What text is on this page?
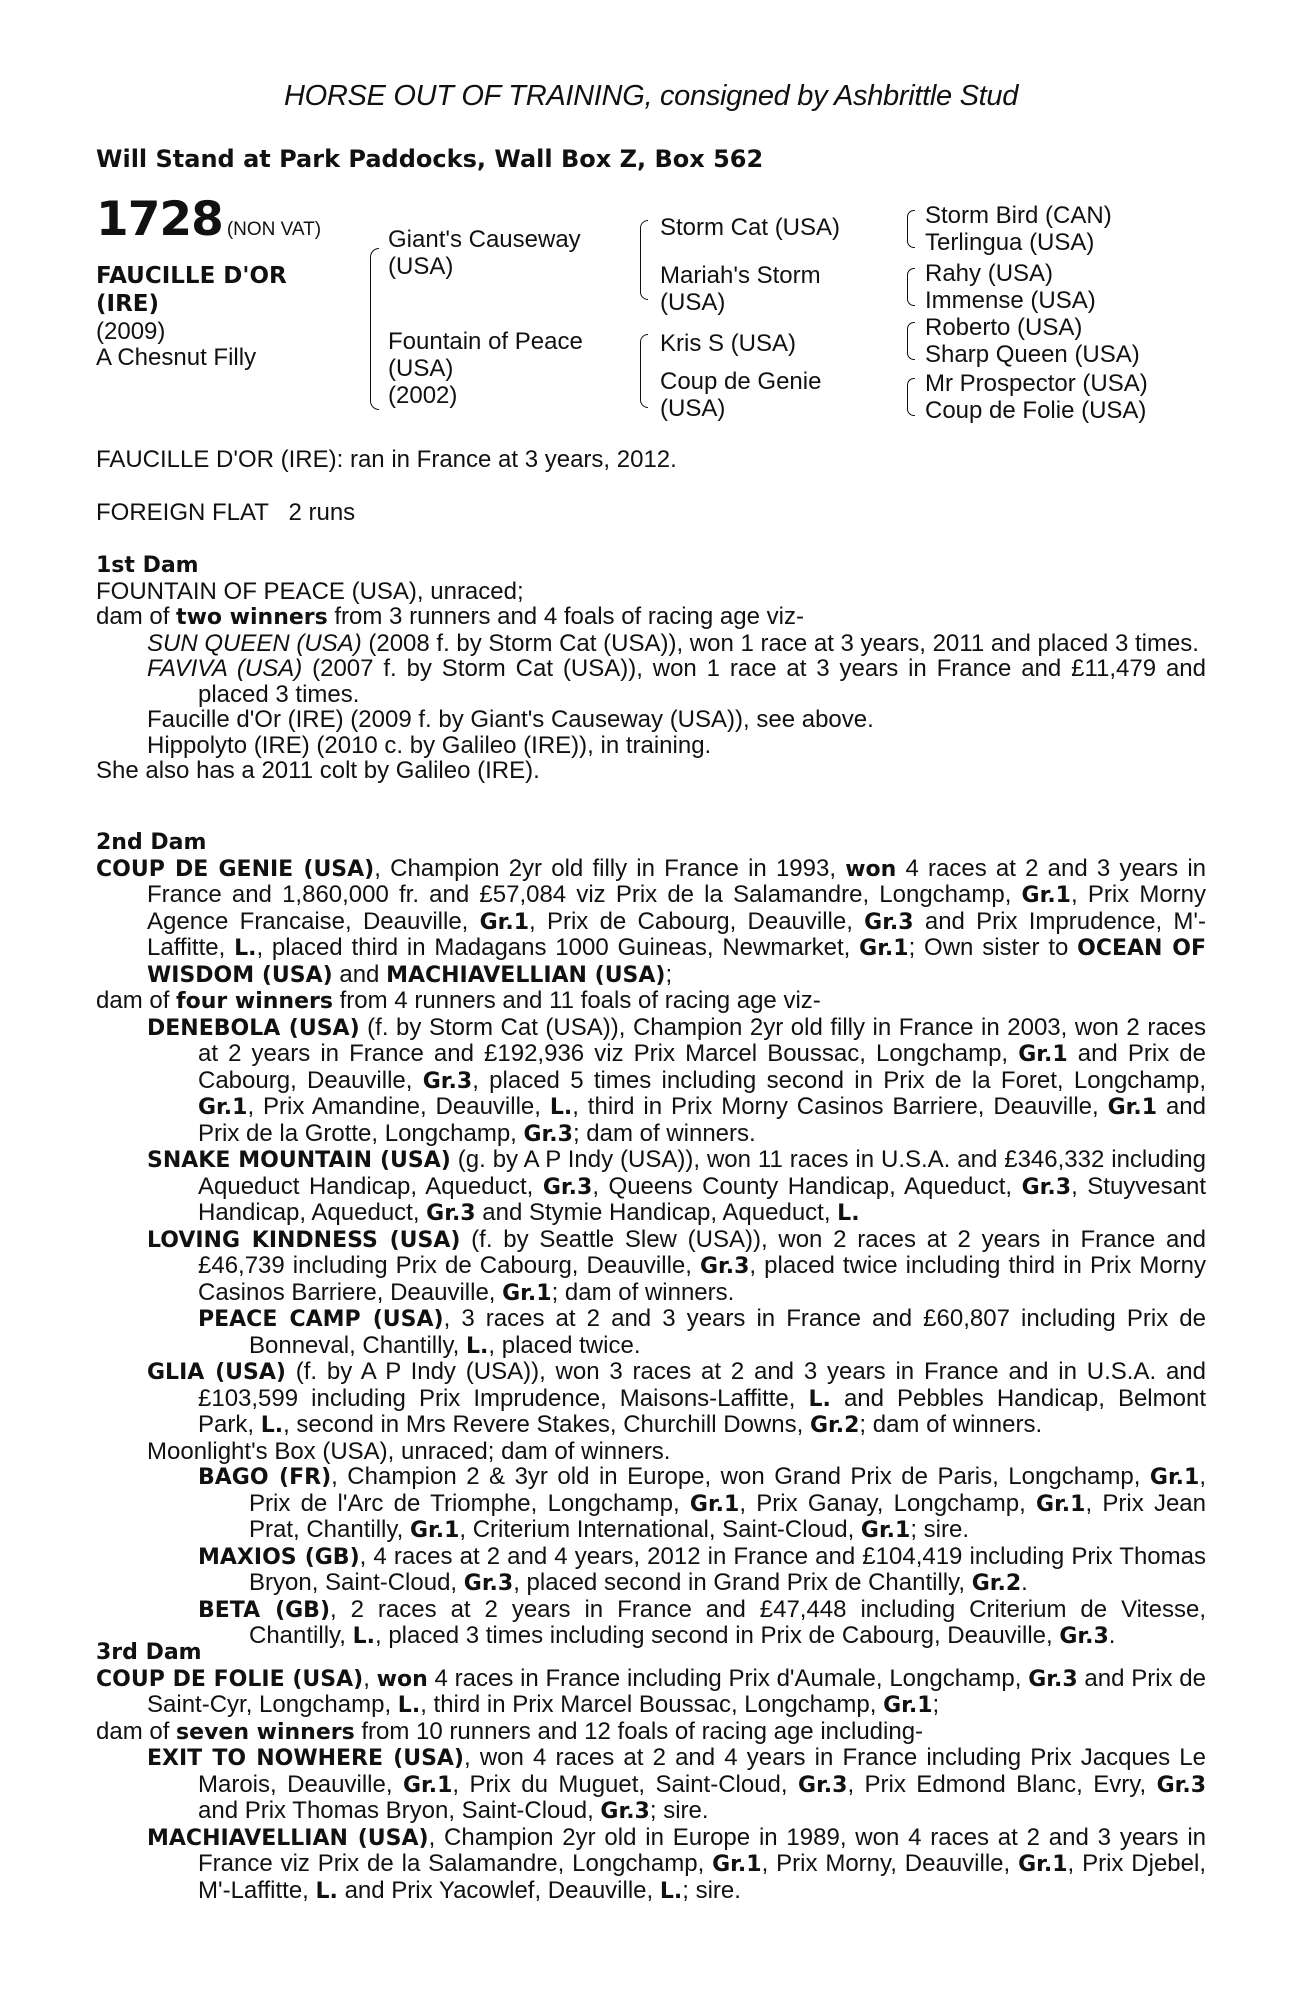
HORSE OUT OF TRAINING, consigned by Ashbrittle Stud
Will Stand at Park Paddocks, Wall Box Z, Box 562
1728 (NON VAT)
FAUCILLE D'OR
(IRE)
(2009)
A Chesnut Filly
Giant's Causeway
(USA)
Fountain of Peace
(USA)
(2002)
Storm Cat (USA)
Mariah's Storm
(USA)
Kris S (USA)
Coup de Genie
(USA)
Storm Bird (CAN)
Terlingua (USA)
Rahy (USA)
Immense (USA)
Roberto (USA)
Sharp Queen (USA)
Mr Prospector (USA)
Coup de Folie (USA)
FAUCILLE D'OR (IRE): ran in France at 3 years, 2012.
FOREIGN FLAT   2 runs
1st Dam

FOUNTAIN OF PEACE (USA), unraced;

dam of two winners from 3 runners and 4 foals of racing age viz-

SUN QUEEN (USA) (2008 f. by Storm Cat (USA)), won 1 race at 3 years, 2011 and placed 3 times.

FAVIVA (USA) (2007 f. by Storm Cat (USA)), won 1 race at 3 years in France and £11,479 and placed 3 times.

Faucille d'Or (IRE) (2009 f. by Giant's Causeway (USA)), see above.

Hippolyto (IRE) (2010 c. by Galileo (IRE)), in training.

She also has a 2011 colt by Galileo (IRE).

2nd Dam

COUP DE GENIE (USA), Champion 2yr old filly in France in 1993, won 4 races at 2 and 3 years in France and 1,860,000 fr. and £57,084 viz Prix de la Salamandre, Longchamp, Gr.1, Prix Morny Agence Francaise, Deauville, Gr.1, Prix de Cabourg, Deauville, Gr.3 and Prix Imprudence, M'-Laffitte, L., placed third in Madagans 1000 Guineas, Newmarket, Gr.1; Own sister to OCEAN OF WISDOM (USA) and MACHIAVELLIAN (USA);

dam of four winners from 4 runners and 11 foals of racing age viz-

DENEBOLA (USA) (f. by Storm Cat (USA)), Champion 2yr old filly in France in 2003, won 2 races at 2 years in France and £192,936 viz Prix Marcel Boussac, Longchamp, Gr.1 and Prix de Cabourg, Deauville, Gr.3, placed 5 times including second in Prix de la Foret, Longchamp, Gr.1, Prix Amandine, Deauville, L., third in Prix Morny Casinos Barriere, Deauville, Gr.1 and Prix de la Grotte, Longchamp, Gr.3; dam of winners.

SNAKE MOUNTAIN (USA) (g. by A P Indy (USA)), won 11 races in U.S.A. and £346,332 including Aqueduct Handicap, Aqueduct, Gr.3, Queens County Handicap, Aqueduct, Gr.3, Stuyvesant Handicap, Aqueduct, Gr.3 and Stymie Handicap, Aqueduct, L.

LOVING KINDNESS (USA) (f. by Seattle Slew (USA)), won 2 races at 2 years in France and £46,739 including Prix de Cabourg, Deauville, Gr.3, placed twice including third in Prix Morny Casinos Barriere, Deauville, Gr.1; dam of winners.

PEACE CAMP (USA), 3 races at 2 and 3 years in France and £60,807 including Prix de Bonneval, Chantilly, L., placed twice.

GLIA (USA) (f. by A P Indy (USA)), won 3 races at 2 and 3 years in France and in U.S.A. and £103,599 including Prix Imprudence, Maisons-Laffitte, L. and Pebbles Handicap, Belmont Park, L., second in Mrs Revere Stakes, Churchill Downs, Gr.2; dam of winners.

Moonlight's Box (USA), unraced; dam of winners.

BAGO (FR), Champion 2 & 3yr old in Europe, won Grand Prix de Paris, Longchamp, Gr.1, Prix de l'Arc de Triomphe, Longchamp, Gr.1, Prix Ganay, Longchamp, Gr.1, Prix Jean Prat, Chantilly, Gr.1, Criterium International, Saint-Cloud, Gr.1; sire.

MAXIOS (GB), 4 races at 2 and 4 years, 2012 in France and £104,419 including Prix Thomas Bryon, Saint-Cloud, Gr.3, placed second in Grand Prix de Chantilly, Gr.2.

BETA (GB), 2 races at 2 years in France and £47,448 including Criterium de Vitesse, Chantilly, L., placed 3 times including second in Prix de Cabourg, Deauville, Gr.3.

3rd Dam

COUP DE FOLIE (USA), won 4 races in France including Prix d'Aumale, Longchamp, Gr.3 and Prix de Saint-Cyr, Longchamp, L., third in Prix Marcel Boussac, Longchamp, Gr.1;

dam of seven winners from 10 runners and 12 foals of racing age including-

EXIT TO NOWHERE (USA), won 4 races at 2 and 4 years in France including Prix Jacques Le Marois, Deauville, Gr.1, Prix du Muguet, Saint-Cloud, Gr.3, Prix Edmond Blanc, Evry, Gr.3 and Prix Thomas Bryon, Saint-Cloud, Gr.3; sire.

MACHIAVELLIAN (USA), Champion 2yr old in Europe in 1989, won 4 races at 2 and 3 years in France viz Prix de la Salamandre, Longchamp, Gr.1, Prix Morny, Deauville, Gr.1, Prix Djebel, M'-Laffitte, L. and Prix Yacowlef, Deauville, L.; sire.
